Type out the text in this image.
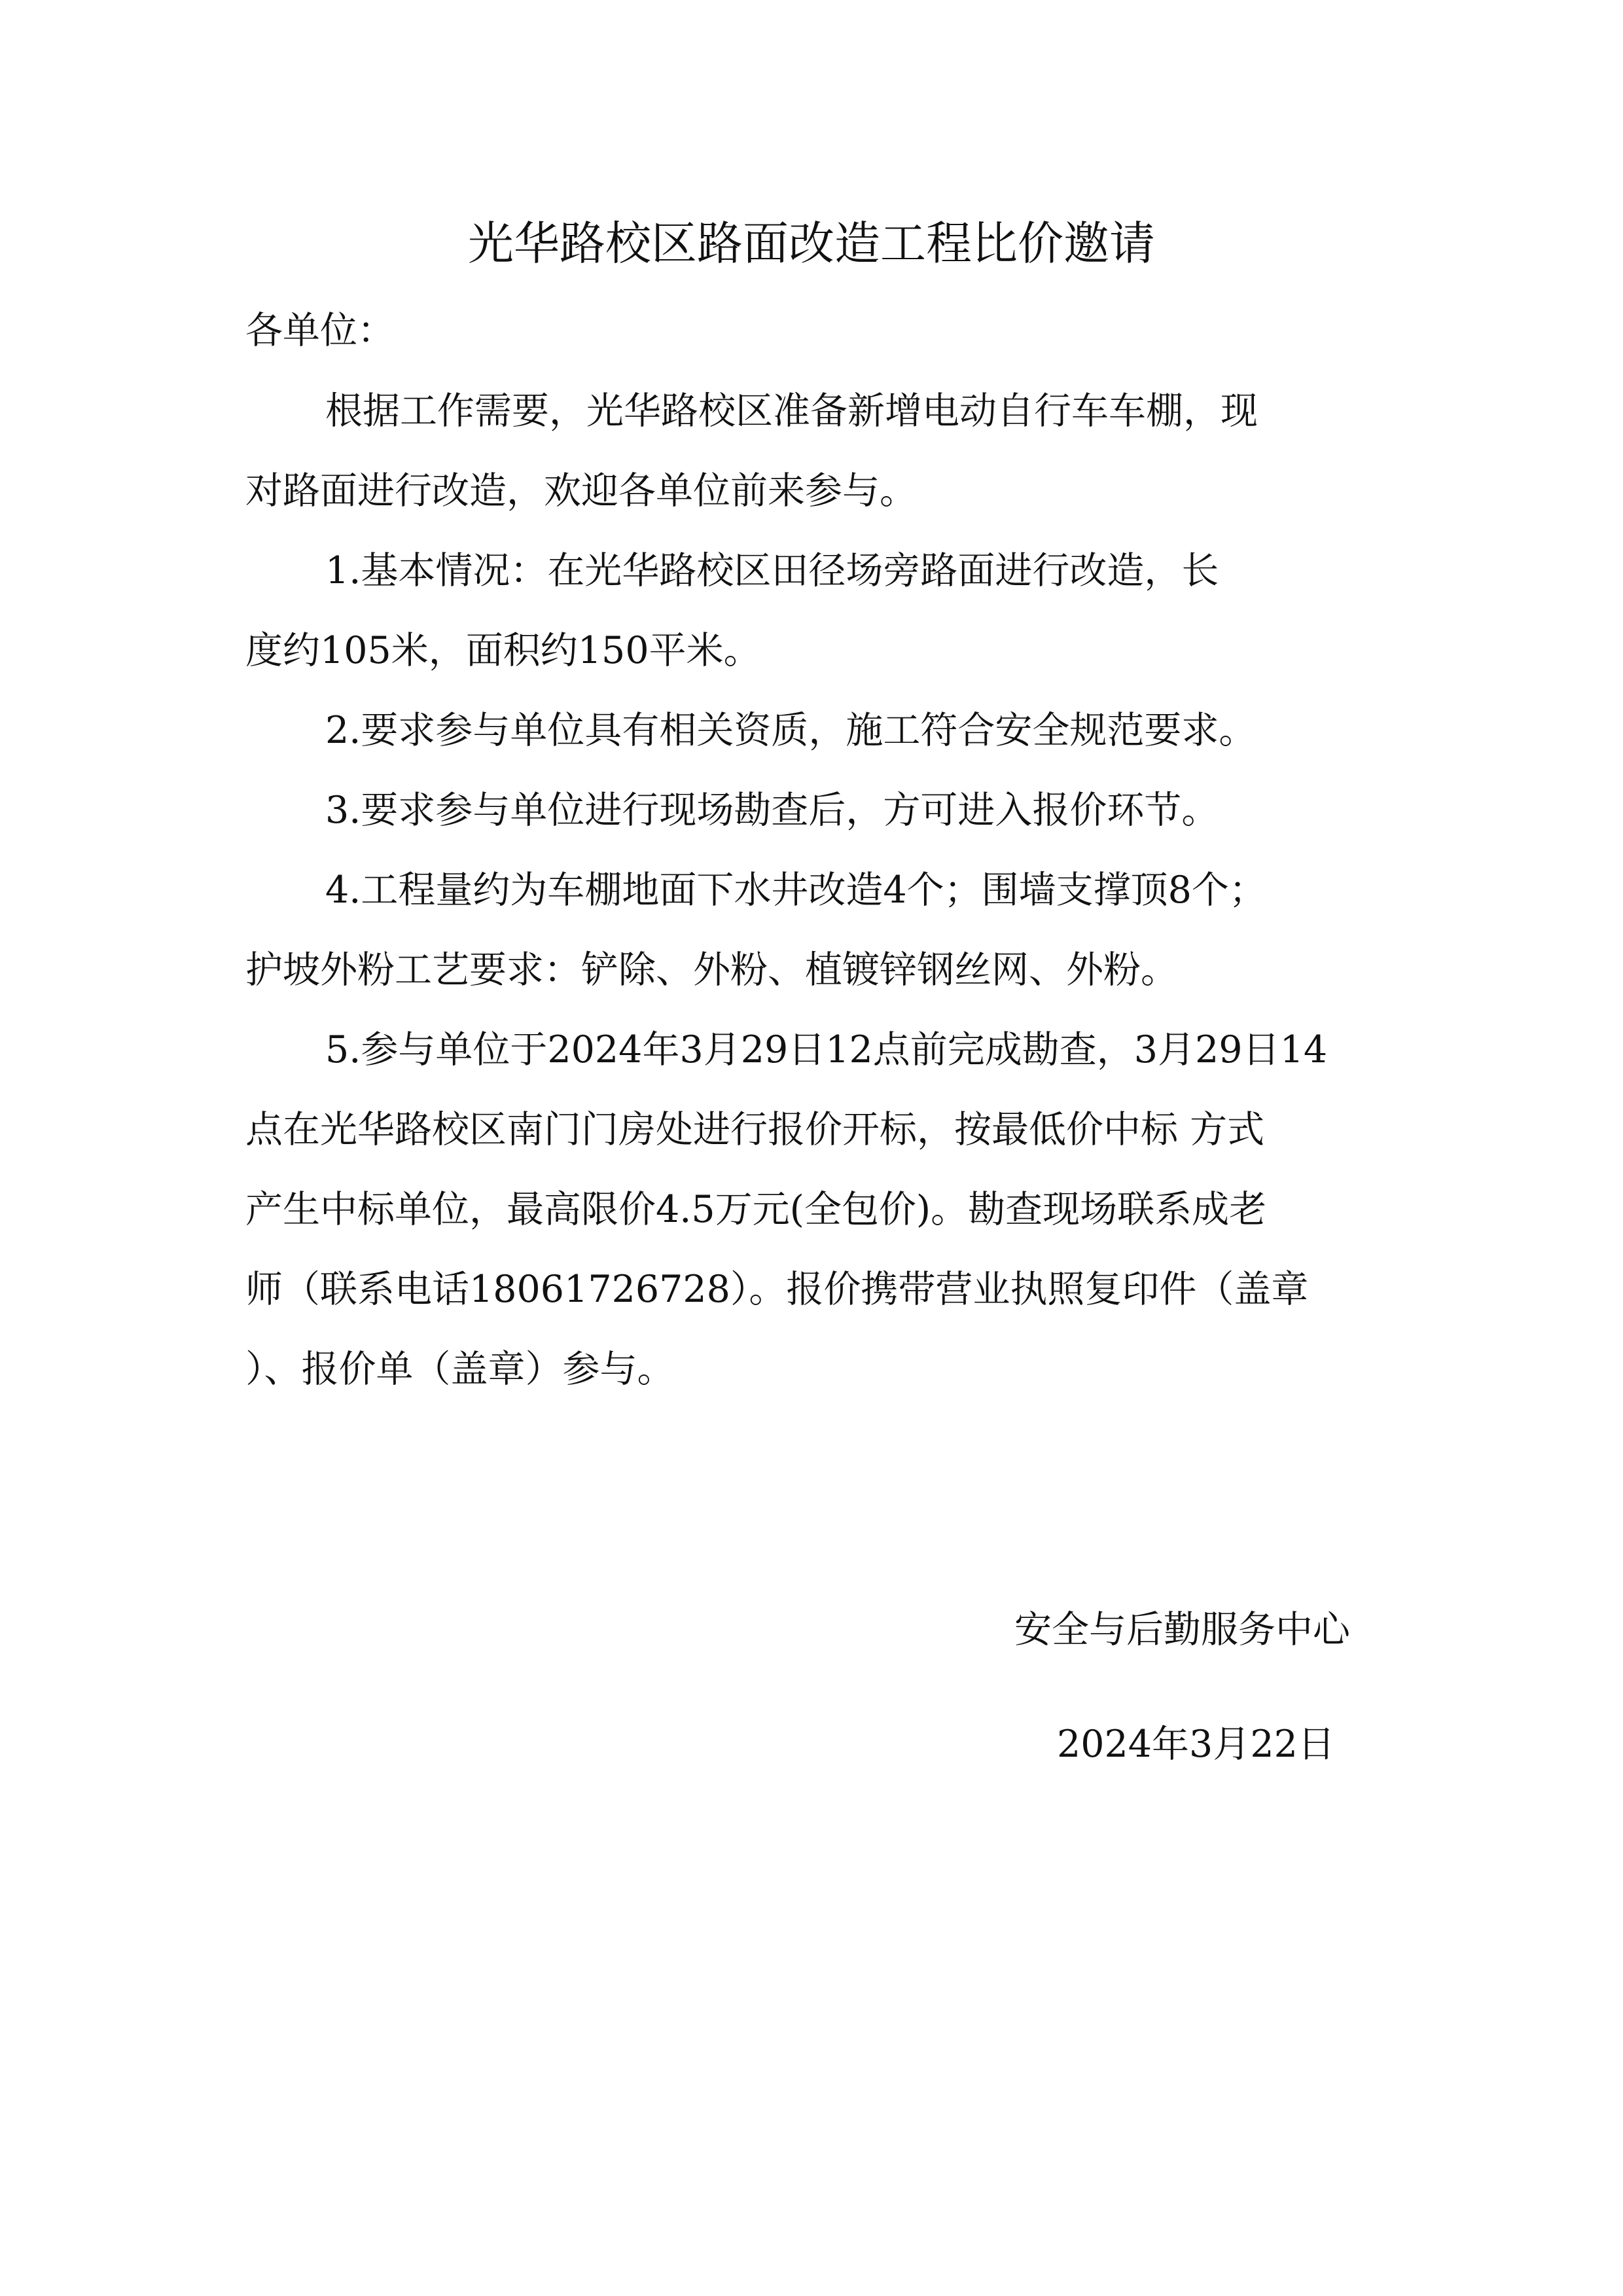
光华路校区路面改造工程比价邀请
各单位：
根据工作需要，光华路校区准备新增电动自行车车棚，现
对路面进行改造，欢迎各单位前来参与。
1.基本情况：在光华路校区田径场旁路面进行改造，长
度约105米，面积约150平米。
2.要求参与单位具有相关资质，施工符合安全规范要求。
3.要求参与单位进行现场勘查后，方可进入报价环节。
4.工程量约为车棚地面下水井改造4个；围墙支撑顶8个；
护坡外粉工艺要求：铲除、外粉、植镀锌钢丝网、外粉。
5.参与单位于2024年3月29日12点前完成勘查，3月29日14
点在光华路校区南门门房处进行报价开标，按最低价中标 方式
产生中标单位，最高限价4.5万元(全包价)。勘查现场联系成老
师（联系电话18061726728）。报价携带营业执照复印件（盖章
）、报价单（盖章）参与。
安全与后勤服务中心
2024年3月22日
